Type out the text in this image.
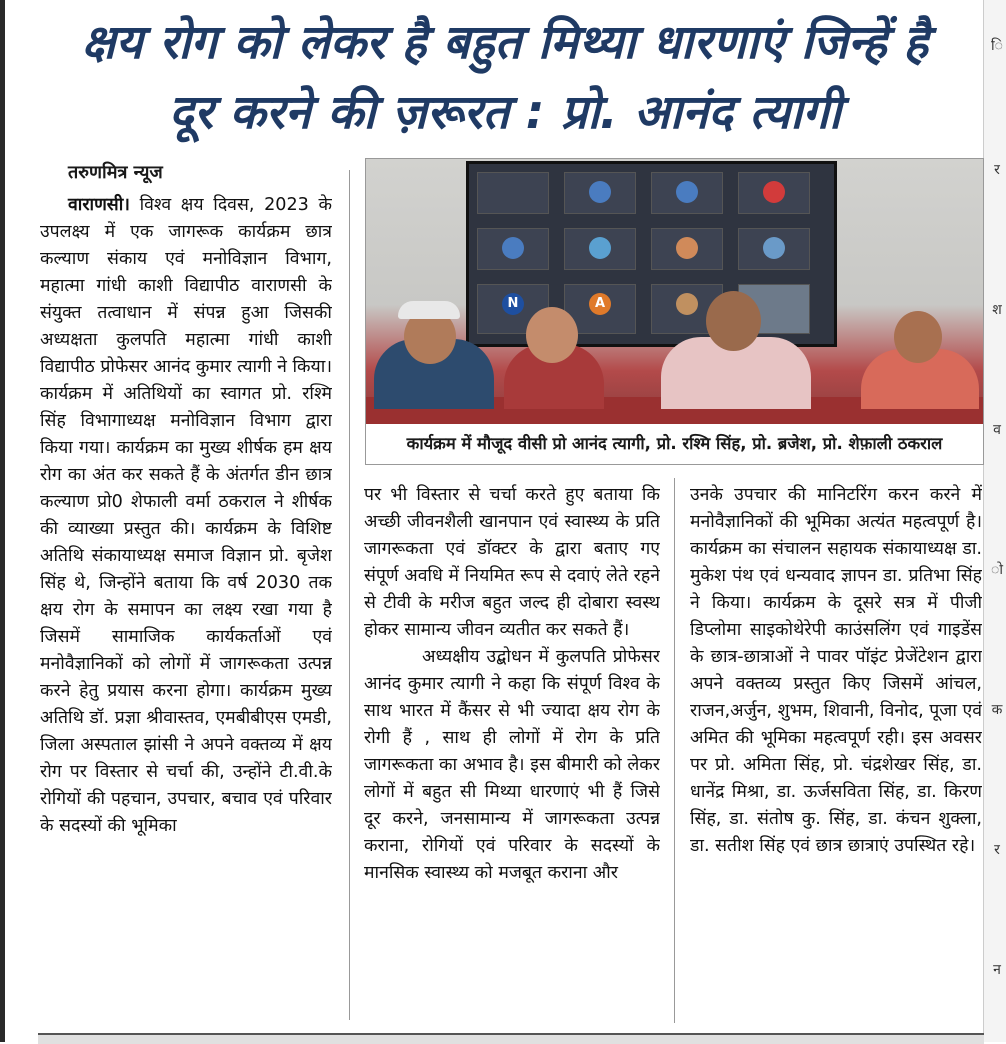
ि
र
श
व
ो
क
र
न
क्षय रोग को लेकर है बहुत मिथ्या धारणाएं जिन्हें है
दूर करने की ज़रूरत : प्रो. आनंद त्यागी
तरुणमित्र न्यूज

वाराणसी। विश्व क्षय दिवस, 2023 के उपलक्ष्य में एक जागरूक कार्यक्रम छात्र कल्याण संकाय एवं मनोविज्ञान विभाग, महात्मा गांधी काशी विद्यापीठ वाराणसी के संयुक्त तत्वाधान में संपन्न हुआ जिसकी अध्यक्षता कुलपति महात्मा गांधी काशी विद्यापीठ प्रोफेसर आनंद कुमार त्यागी ने किया। कार्यक्रम में अतिथियों का स्वागत प्रो. रश्मि सिंह विभागाध्यक्ष मनोविज्ञान विभाग द्वारा किया गया। कार्यक्रम का मुख्य शीर्षक हम क्षय रोग का अंत कर सकते हैं के अंतर्गत डीन छात्र कल्याण प्रो0 शेफाली वर्मा ठकराल ने शीर्षक की व्याख्या प्रस्तुत की। कार्यक्रम के विशिष्ट अतिथि संकायाध्यक्ष समाज विज्ञान प्रो. बृजेश सिंह थे, जिन्होंने बताया कि वर्ष 2030 तक क्षय रोग के समापन का लक्ष्य रखा गया है जिसमें सामाजिक कार्यकर्ताओं एवं मनोवैज्ञानिकों को लोगों में जागरूकता उत्पन्न करने हेतु प्रयास करना होगा। कार्यक्रम मुख्य अतिथि डॉ. प्रज्ञा श्रीवास्तव, एमबीबीएस एमडी, जिला अस्पताल झांसी ने अपने वक्तव्य में क्षय रोग पर विस्तार से चर्चा की, उन्होंने टी.वी.के रोगियों की पहचान, उपचार, बचाव एवं परिवार के सदस्यों की भूमिका

N	A
कार्यक्रम में मौजूद वीसी प्रो आनंद त्यागी, प्रो. रश्मि सिंह, प्रो. ब्रजेश, प्रो. शेफ़ाली ठकराल

पर भी विस्तार से चर्चा करते हुए बताया कि अच्छी जीवनशैली खानपान एवं स्वास्थ्य के प्रति जागरूकता एवं डॉक्टर के द्वारा बताए गए संपूर्ण अवधि में नियमित रूप से दवाएं लेते रहने से टीवी के मरीज बहुत जल्द ही दोबारा स्वस्थ होकर सामान्य जीवन व्यतीत कर सकते हैं।

अध्यक्षीय उद्बोधन में कुलपति प्रोफेसर आनंद कुमार त्यागी ने कहा कि संपूर्ण विश्व के साथ भारत में कैंसर से भी ज्यादा क्षय रोग के रोगी हैं , साथ ही लोगों में रोग के प्रति जागरूकता का अभाव है। इस बीमारी को लेकर लोगों में बहुत सी मिथ्या धारणाएं भी हैं जिसे दूर करने, जनसामान्य में जागरूकता उत्पन्न कराना, रोगियों एवं परिवार के सदस्यों के मानसिक स्वास्थ्य को मजबूत कराना और

उनके उपचार की मानिटरिंग करन करने में मनोवैज्ञानिकों की भूमिका अत्यंत महत्वपूर्ण है। कार्यक्रम का संचालन सहायक संकायाध्यक्ष डा. मुकेश पंथ एवं धन्यवाद ज्ञापन डा. प्रतिभा सिंह ने किया। कार्यक्रम के दूसरे सत्र में पीजी डिप्लोमा साइकोथेरेपी काउंसलिंग एवं गाइडेंस के छात्र-छात्राओं ने पावर पॉइंट प्रेजेंटेशन द्वारा अपने वक्तव्य प्रस्तुत किए जिसमें आंचल, राजन,अर्जुन, शुभम, शिवानी, विनोद, पूजा एवं अमित की भूमिका महत्वपूर्ण रही। इस अवसर पर प्रो. अमिता सिंह, प्रो. चंद्रशेखर सिंह, डा. धानेंद्र मिश्रा, डा. ऊर्जसविता सिंह, डा. किरण सिंह, डा. संतोष कु. सिंह, डा. कंचन शुक्ला, डा. सतीश सिंह एवं छात्र छात्राएं उपस्थित रहे।
